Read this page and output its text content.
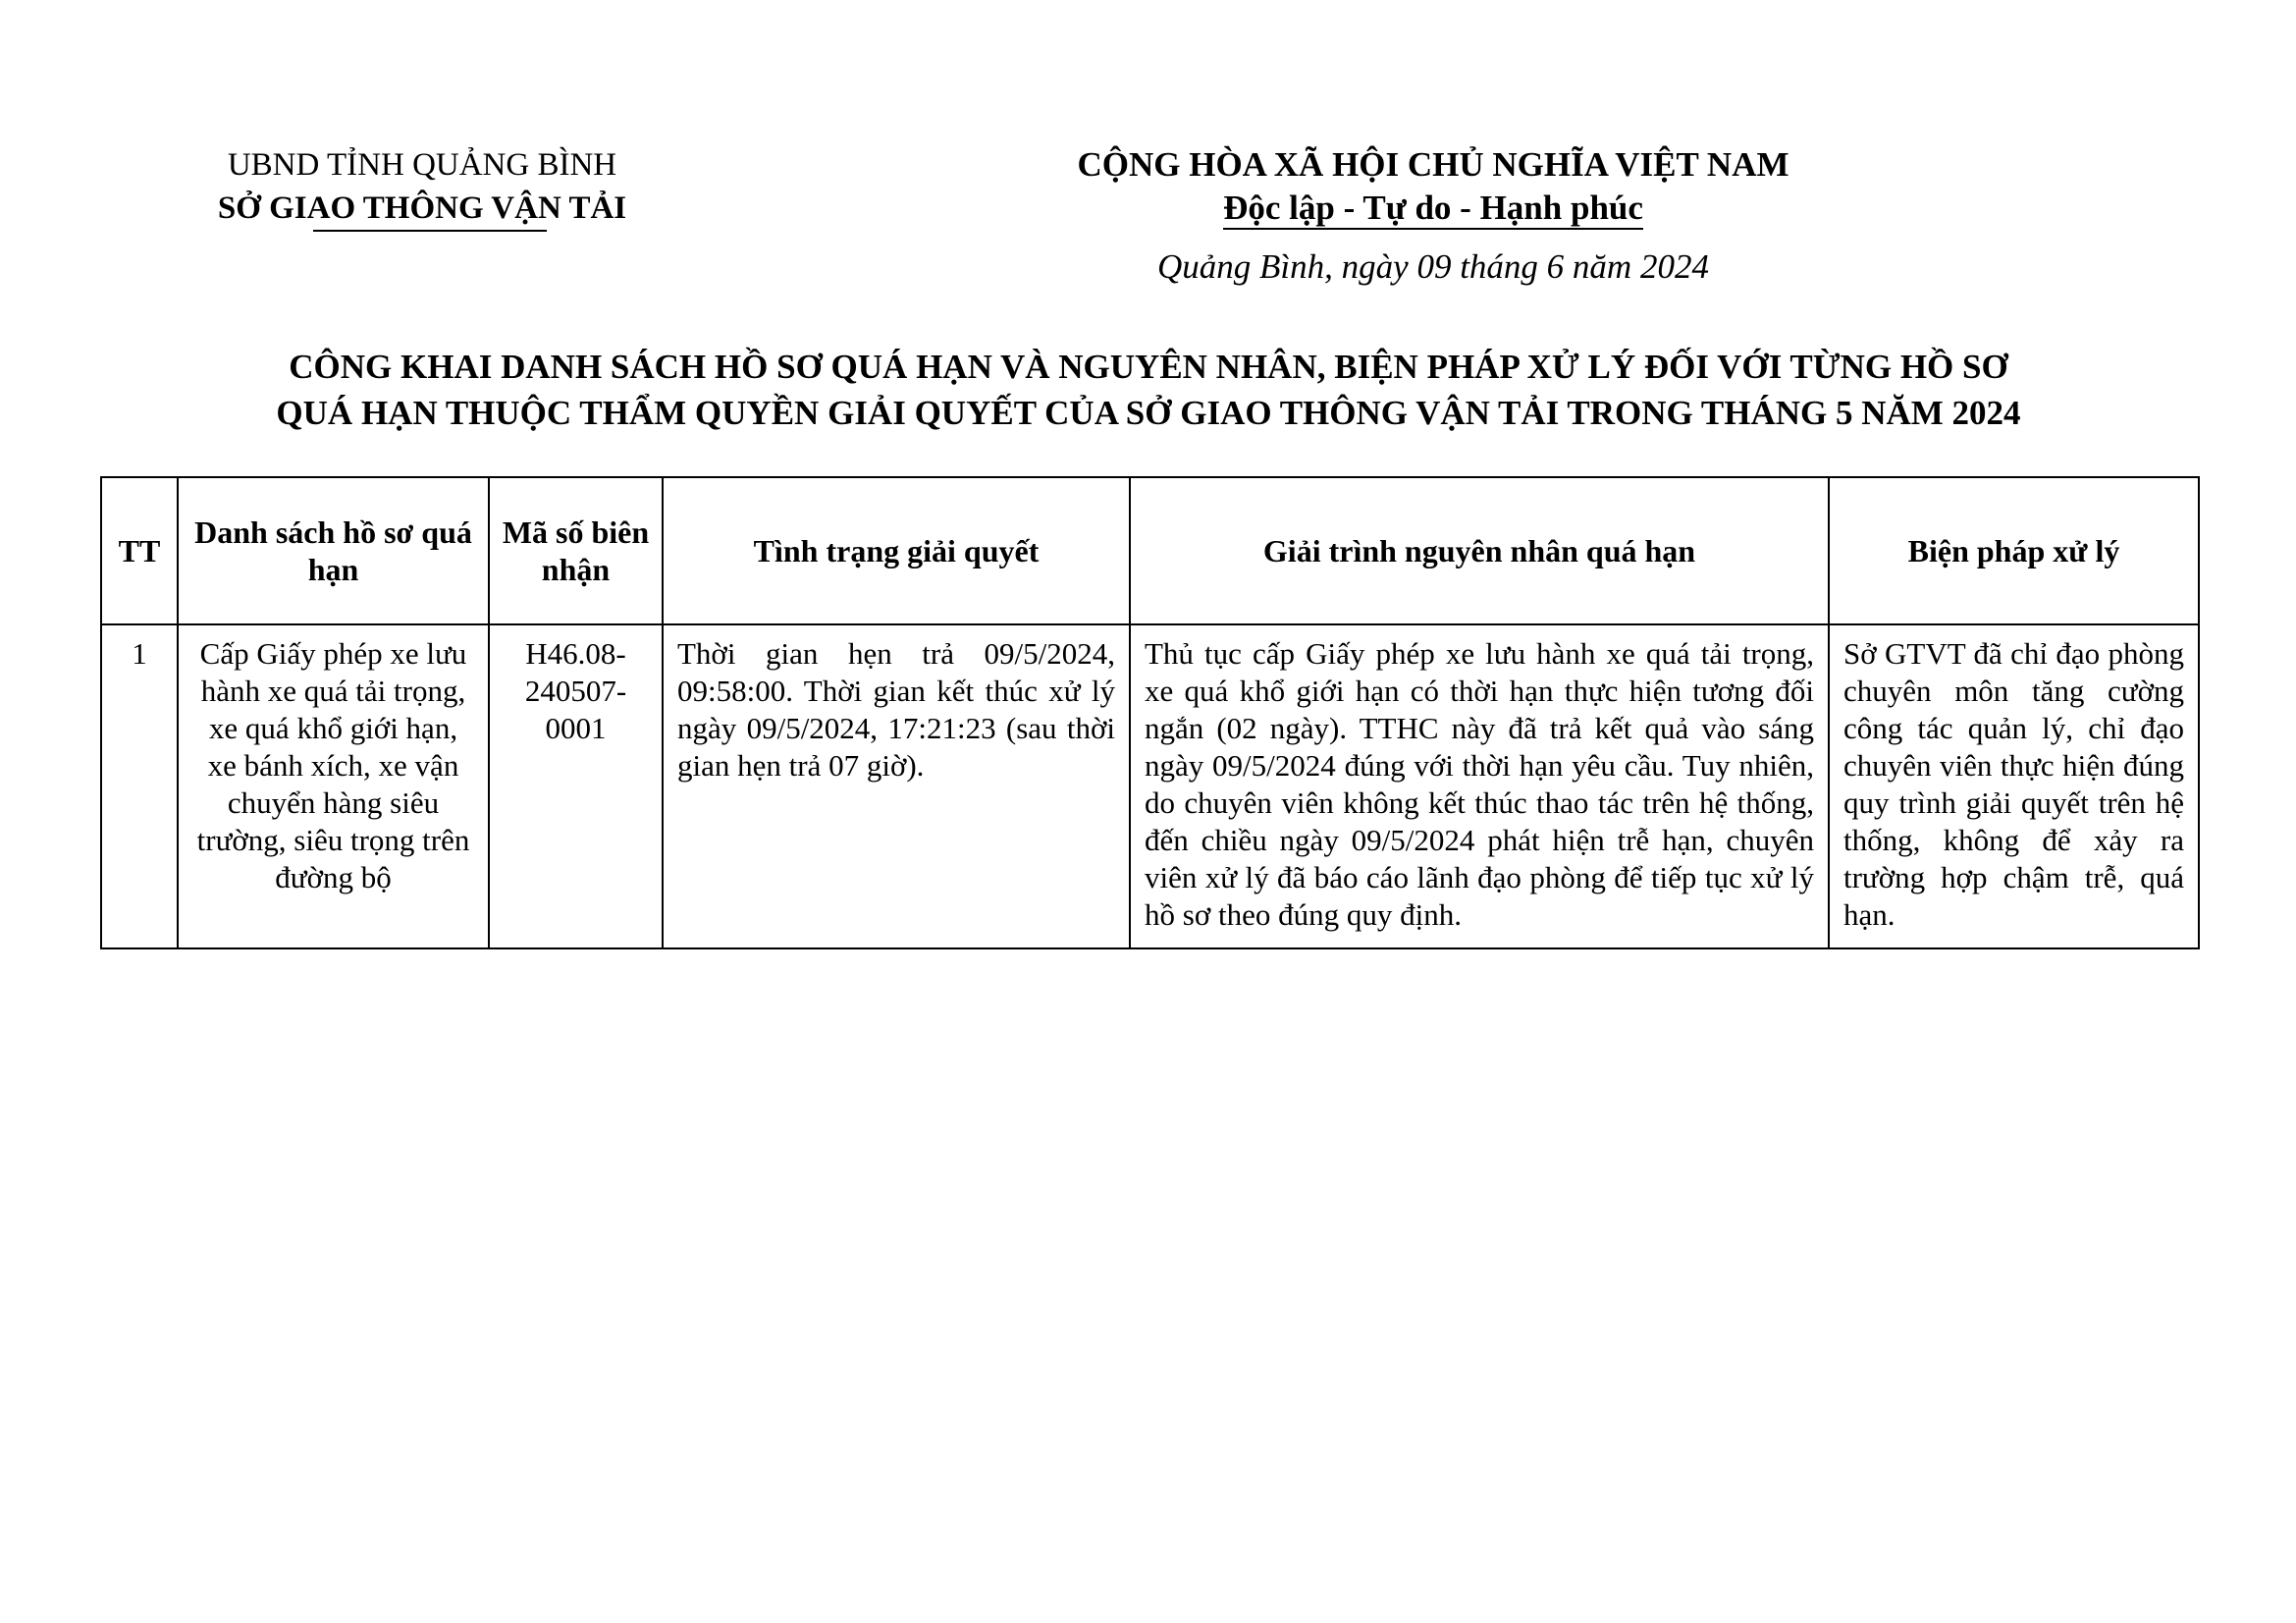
UBND TỈNH QUẢNG BÌNH
SỞ GIAO THÔNG VẬN TẢI
CỘNG HÒA XÃ HỘI CHỦ NGHĨA VIỆT NAM
Độc lập - Tự do - Hạnh phúc
Quảng Bình, ngày 09 tháng 6 năm 2024
CÔNG KHAI DANH SÁCH HỒ SƠ QUÁ HẠN VÀ NGUYÊN NHÂN, BIỆN PHÁP XỬ LÝ ĐỐI VỚI TỪNG HỒ SƠ
QUÁ HẠN THUỘC THẨM QUYỀN GIẢI QUYẾT CỦA SỞ GIAO THÔNG VẬN TẢI TRONG THÁNG 5 NĂM 2024
TT	Danh sách hồ sơ quá hạn	Mã số biên nhận	Tình trạng giải quyết	Giải trình nguyên nhân quá hạn	Biện pháp xử lý
1	Cấp Giấy phép xe lưu hành xe quá tải trọng, xe quá khổ giới hạn, xe bánh xích, xe vận chuyển hàng siêu trường, siêu trọng trên đường bộ	H46.08-240507-0001	Thời gian hẹn trả 09/5/2024, 09:58:00. Thời gian kết thúc xử lý ngày 09/5/2024, 17:21:23 (sau thời gian hẹn trả 07 giờ).	Thủ tục cấp Giấy phép xe lưu hành xe quá tải trọng, xe quá khổ giới hạn có thời hạn thực hiện tương đối ngắn (02 ngày). TTHC này đã trả kết quả vào sáng ngày 09/5/2024 đúng với thời hạn yêu cầu. Tuy nhiên, do chuyên viên không kết thúc thao tác trên hệ thống, đến chiều ngày 09/5/2024 phát hiện trễ hạn, chuyên viên xử lý đã báo cáo lãnh đạo phòng để tiếp tục xử lý hồ sơ theo đúng quy định.	Sở GTVT đã chỉ đạo phòng chuyên môn tăng cường công tác quản lý, chỉ đạo chuyên viên thực hiện đúng quy trình giải quyết trên hệ thống, không để xảy ra trường hợp chậm trễ, quá hạn.
